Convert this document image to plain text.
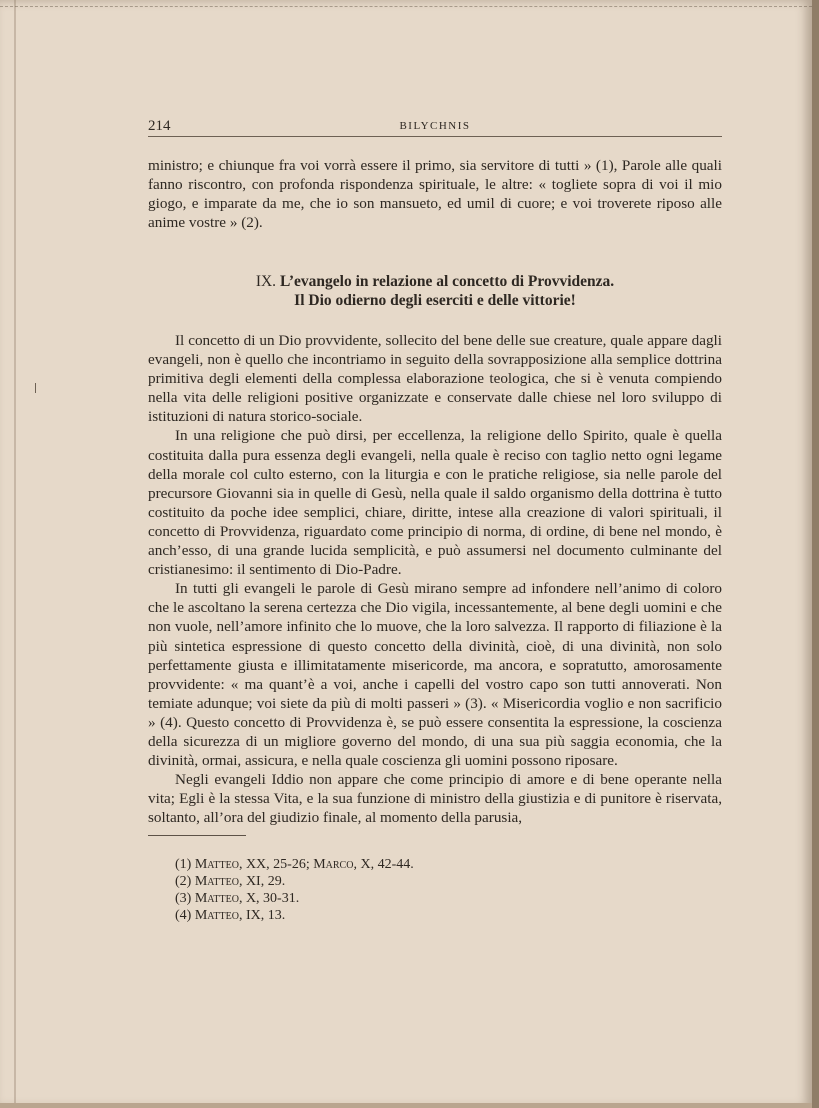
214	BILYCHNIS

ministro; e chiunque fra voi vorrà essere il primo, sia servitore di tutti » (1), Parole alle quali fanno riscontro, con profonda rispondenza spirituale, le altre: « togliete sopra di voi il mio giogo, e imparate da me, che io son mansueto, ed umil di cuore; e voi troverete riposo alle anime vostre » (2).

IX. L’evangelo in relazione al concetto di Provvidenza.
Il Dio odierno degli eserciti e delle vittorie!

Il concetto di un Dio provvidente, sollecito del bene delle sue creature, quale appare dagli evangeli, non è quello che incontriamo in seguito della sovrapposizione alla semplice dottrina primitiva degli elementi della complessa elaborazione teologica, che si è venuta compiendo nella vita delle religioni positive organizzate e conservate dalle chiese nel loro sviluppo di istituzioni di natura storico-sociale.

In una religione che può dirsi, per eccellenza, la religione dello Spirito, quale è quella costituita dalla pura essenza degli evangeli, nella quale è reciso con taglio netto ogni legame della morale col culto esterno, con la liturgia e con le pratiche religiose, sia nelle parole del precursore Giovanni sia in quelle di Gesù, nella quale il saldo organismo della dottrina è tutto costituito da poche idee semplici, chiare, diritte, intese alla creazione di valori spirituali, il concetto di Provvidenza, riguardato come principio di norma, di ordine, di bene nel mondo, è anch’esso, di una grande lucida semplicità, e può assumersi nel documento culminante del cristianesimo: il sentimento di Dio-Padre.

In tutti gli evangeli le parole di Gesù mirano sempre ad infondere nell’animo di coloro che le ascoltano la serena certezza che Dio vigila, incessantemente, al bene degli uomini e che non vuole, nell’amore infinito che lo muove, che la loro salvezza. Il rapporto di filiazione è la più sintetica espressione di questo concetto della divinità, cioè, di una divinità, non solo perfettamente giusta e illimitatamente misericorde, ma ancora, e sopratutto, amorosamente provvidente: « ma quant’è a voi, anche i capelli del vostro capo son tutti annoverati. Non temiate adunque; voi siete da più di molti passeri » (3). « Misericordia voglio e non sacrificio » (4). Questo concetto di Provvidenza è, se può essere consentita la espressione, la coscienza della sicurezza di un migliore governo del mondo, di una sua più saggia economia, che la divinità, ormai, assicura, e nella quale coscienza gli uomini possono riposare.

Negli evangeli Iddio non appare che come principio di amore e di bene operante nella vita; Egli è la stessa Vita, e la sua funzione di ministro della giustizia e di punitore è riservata, soltanto, all’ora del giudizio finale, al momento della parusia,

(1) Matteo, XX, 25-26; Marco, X, 42-44.
(2) Matteo, XI, 29.
(3) Matteo, X, 30-31.
(4) Matteo, IX, 13.
